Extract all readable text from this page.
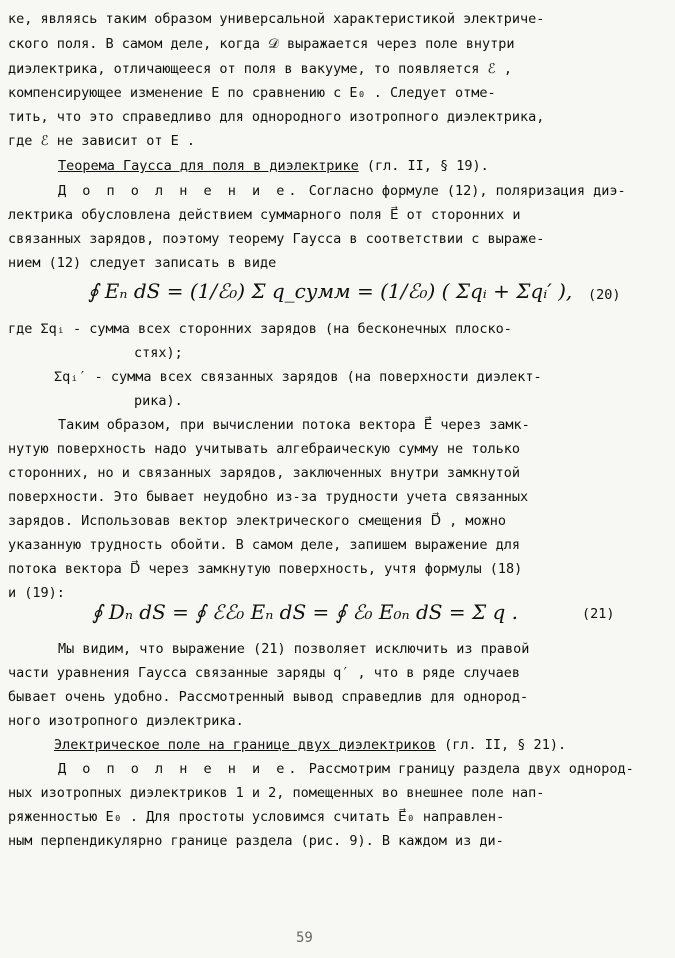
ке, являясь таким образом универсальной характеристикой электриче-
ского поля. В самом деле, когда 𝒟 выражается через поле внутри
диэлектрика, отличающееся от поля в вакууме, то появляется ℰ ,
компенсирующее изменение E по сравнению с E₀ . Следует отме-
тить, что это справедливо для однородного изотропного диэлектрика,
где ℰ не зависит от E .
Теорема Гаусса для поля в диэлектрике (гл. II, § 19).
Д о п о л н е н и е. Согласно формуле (12), поляризация диэ-
лектрика обусловлена действием суммарного поля E⃗ от сторонних и
связанных зарядов, поэтому теорему Гаусса в соответствии с выраже-
нием (12) следует записать в виде
∮ Eₙ dS = (1/ℰ₀) Σ q_сумм = (1/ℰ₀) ( Σqᵢ + Σqᵢ′ ), (20)
где Σqᵢ - сумма всех сторонних зарядов (на бесконечных плоско-
стях);
Σqᵢ′ - сумма всех связанных зарядов (на поверхности диэлект-
рика).
Таким образом, при вычислении потока вектора E⃗ через замк-
нутую поверхность надо учитывать алгебраическую сумму не только
сторонних, но и связанных зарядов, заключенных внутри замкнутой
поверхности. Это бывает неудобно из-за трудности учета связанных
зарядов. Использовав вектор электрического смещения D⃗ , можно
указанную трудность обойти. В самом деле, запишем выражение для
потока вектора D⃗ через замкнутую поверхность, учтя формулы (18)
и (19):
∮ Dₙ dS = ∮ ℰℰ₀ Eₙ dS = ∮ ℰ₀ E₀ₙ dS = Σ q .	(21)
Мы видим, что выражение (21) позволяет исключить из правой
части уравнения Гаусса связанные заряды q′ , что в ряде случаев
бывает очень удобно. Рассмотренный вывод справедлив для однород-
ного изотропного диэлектрика.
Электрическое поле на границе двух диэлектриков (гл. II, § 21).
Д о п о л н е н и е. Рассмотрим границу раздела двух однород-
ных изотропных диэлектриков 1 и 2, помещенных во внешнее поле нап-
ряженностью E₀ . Для простоты условимся считать E⃗₀ направлен-
ным перпендикулярно границе раздела (рис. 9). В каждом из ди-
59
